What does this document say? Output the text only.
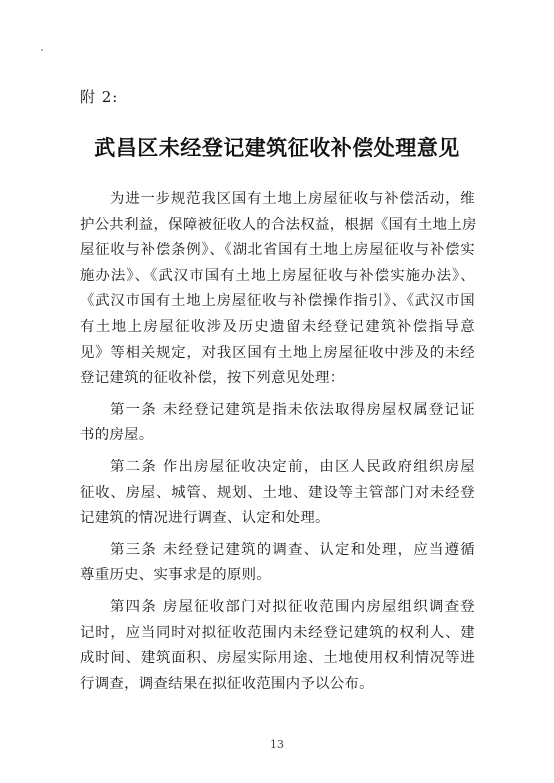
附 2:
武昌区未经登记建筑征收补偿处理意见
为进一步规范我区国有土地上房屋征收与补偿活动，维
护公共利益，保障被征收人的合法权益，根据《国有土地上房
屋征收与补偿条例》、《湖北省国有土地上房屋征收与补偿实
施办法》、《武汉市国有土地上房屋征收与补偿实施办法》、
《武汉市国有土地上房屋征收与补偿操作指引》、《武汉市国
有土地上房屋征收涉及历史遗留未经登记建筑补偿指导意
见》等相关规定，对我区国有土地上房屋征收中涉及的未经
登记建筑的征收补偿，按下列意见处理：
第一条 未经登记建筑是指未依法取得房屋权属登记证
书的房屋。
第二条 作出房屋征收决定前，由区人民政府组织房屋
征收、房屋、城管、规划、土地、建设等主管部门对未经登
记建筑的情况进行调查、认定和处理。
第三条 未经登记建筑的调查、认定和处理，应当遵循
尊重历史、实事求是的原则。
第四条 房屋征收部门对拟征收范围内房屋组织调查登
记时，应当同时对拟征收范围内未经登记建筑的权利人、建
成时间、建筑面积、房屋实际用途、土地使用权利情况等进
行调查，调查结果在拟征收范围内予以公布。
13
